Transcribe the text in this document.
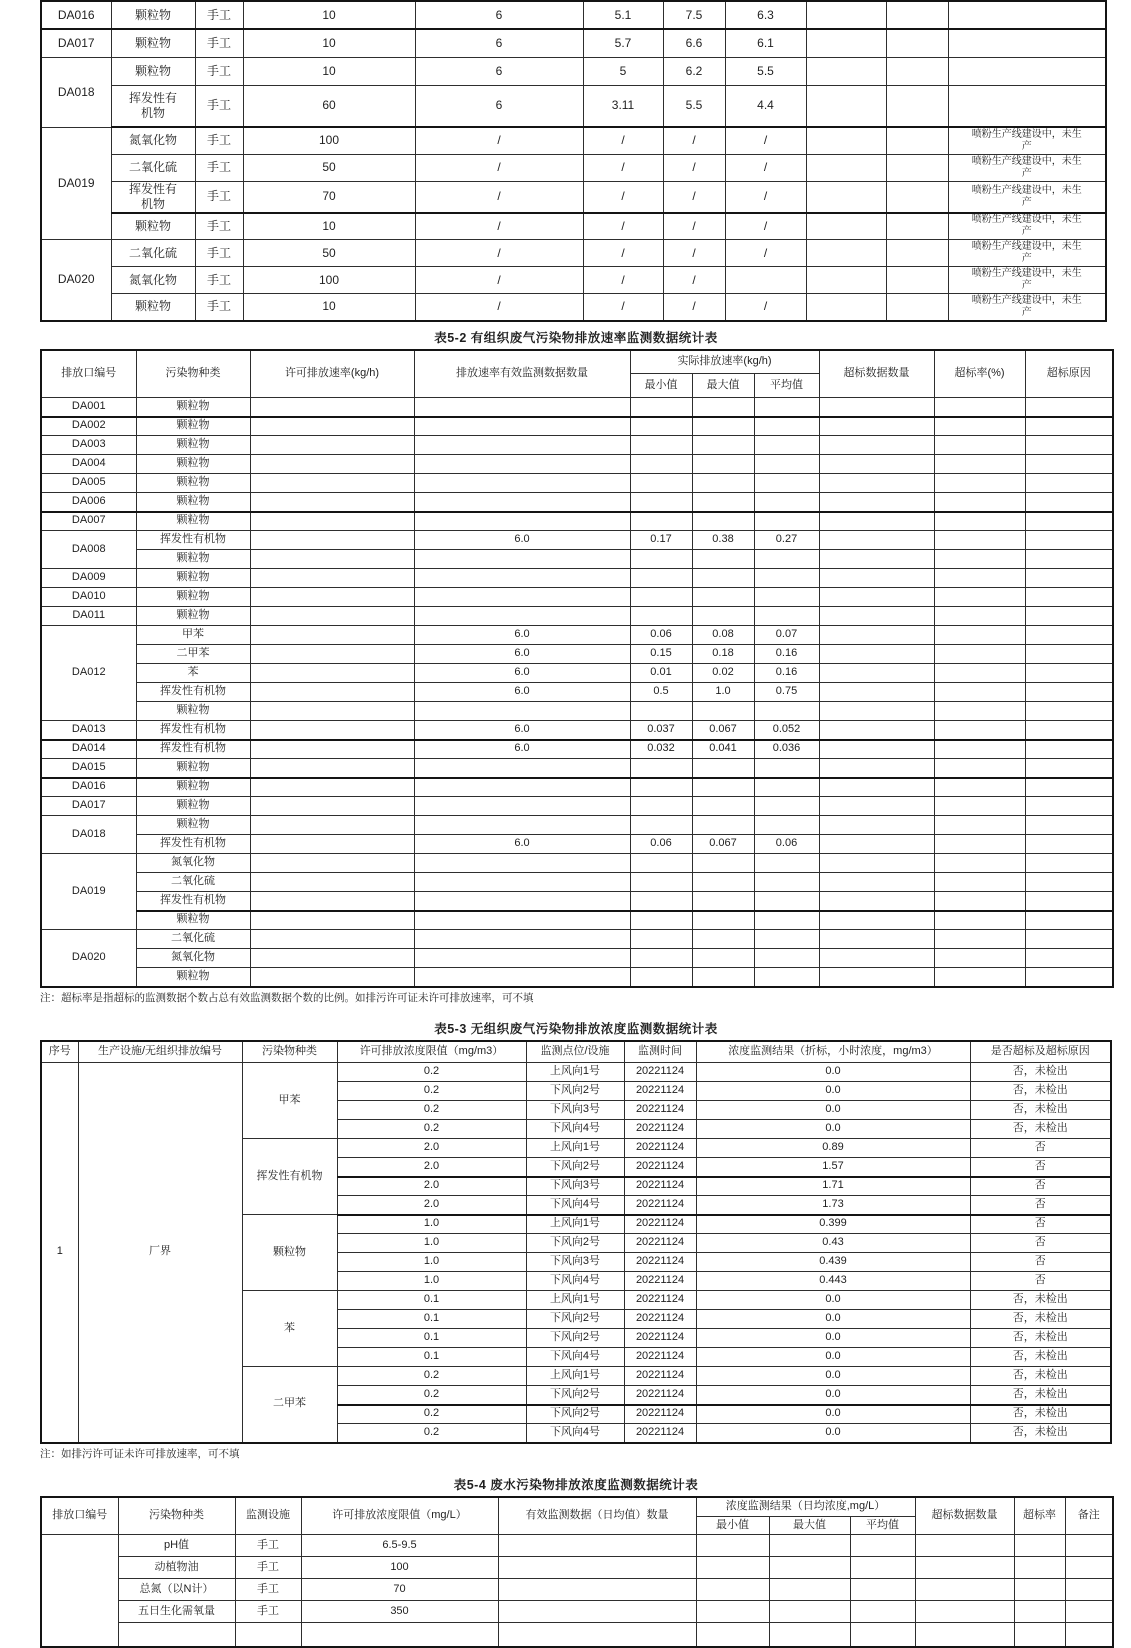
DA016	颗粒物	手工	10	6	5.1	7.5	6.3			
DA017	颗粒物	手工	10	6	5.7	6.6	6.1			
DA018	颗粒物	手工	10	6	5	6.2	5.5			
	挥发性有机物	手工	60	6	3.11	5.5	4.4			
DA019	氮氧化物	手工	100	/	/	/	/			喷粉生产线建设中，未生产
	二氧化硫	手工	50	/	/	/	/			喷粉生产线建设中，未生产
	挥发性有机物	手工	70	/	/	/	/			喷粉生产线建设中，未生产
	颗粒物	手工	10	/	/	/	/			喷粉生产线建设中，未生产
DA020	二氧化硫	手工	50	/	/	/	/			喷粉生产线建设中，未生产
	氮氧化物	手工	100	/	/	/				喷粉生产线建设中，未生产
	颗粒物	手工	10	/	/	/	/			喷粉生产线建设中，未生产
表5-2 有组织废气污染物排放速率监测数据统计表
排放口编号	污染物种类	许可排放速率(kg/h)	排放速率有效监测数据数量	实际排放速率(kg/h)			超标数据数量	超标率(%)	超标原因
				最小值	最大值	平均值			
DA001	颗粒物								
DA002	颗粒物								
DA003	颗粒物								
DA004	颗粒物								
DA005	颗粒物								
DA006	颗粒物								
DA007	颗粒物								
DA008	挥发性有机物		6.0	0.17	0.38	0.27			
	颗粒物								
DA009	颗粒物								
DA010	颗粒物								
DA011	颗粒物								
DA012	甲苯		6.0	0.06	0.08	0.07			
	二甲苯		6.0	0.15	0.18	0.16			
	苯		6.0	0.01	0.02	0.16			
	挥发性有机物		6.0	0.5	1.0	0.75			
	颗粒物								
DA013	挥发性有机物		6.0	0.037	0.067	0.052			
DA014	挥发性有机物		6.0	0.032	0.041	0.036			
DA015	颗粒物								
DA016	颗粒物								
DA017	颗粒物								
DA018	颗粒物								
	挥发性有机物		6.0	0.06	0.067	0.06			
DA019	氮氧化物								
	二氧化硫								
	挥发性有机物								
	颗粒物								
DA020	二氧化硫								
	氮氧化物								
	颗粒物								
注：超标率是指超标的监测数据个数占总有效监测数据个数的比例。如排污许可证未许可排放速率，可不填
表5-3 无组织废气污染物排放浓度监测数据统计表
序号	生产设施/无组织排放编号	污染物种类	许可排放浓度限值（mg/m3）	监测点位/设施	监测时间	浓度监测结果（折标，小时浓度，mg/m3）	是否超标及超标原因
1	厂界	甲苯	0.2	上风向1号	20221124	0.0	否，未检出
			0.2	下风向2号	20221124	0.0	否，未检出
			0.2	下风向3号	20221124	0.0	否，未检出
			0.2	下风向4号	20221124	0.0	否，未检出
		挥发性有机物	2.0	上风向1号	20221124	0.89	否
			2.0	下风向2号	20221124	1.57	否
			2.0	下风向3号	20221124	1.71	否
			2.0	下风向4号	20221124	1.73	否
		颗粒物	1.0	上风向1号	20221124	0.399	否
			1.0	下风向2号	20221124	0.43	否
			1.0	下风向3号	20221124	0.439	否
			1.0	下风向4号	20221124	0.443	否
		苯	0.1	上风向1号	20221124	0.0	否，未检出
			0.1	下风向2号	20221124	0.0	否，未检出
			0.1	下风向2号	20221124	0.0	否，未检出
			0.1	下风向4号	20221124	0.0	否，未检出
		二甲苯	0.2	上风向1号	20221124	0.0	否，未检出
			0.2	下风向2号	20221124	0.0	否，未检出
			0.2	下风向2号	20221124	0.0	否，未检出
			0.2	下风向4号	20221124	0.0	否，未检出
注：如排污许可证未许可排放速率，可不填
表5-4 废水污染物排放浓度监测数据统计表
排放口编号	污染物种类	监测设施	许可排放浓度限值（mg/L）	有效监测数据（日均值）数量	浓度监测结果（日均浓度,mg/L）			超标数据数量	超标率	备注
					最小值	最大值	平均值			
	pH值	手工	6.5-9.5							
	动植物油	手工	100							
	总氮（以N计）	手工	70							
	五日生化需氧量	手工	350							
